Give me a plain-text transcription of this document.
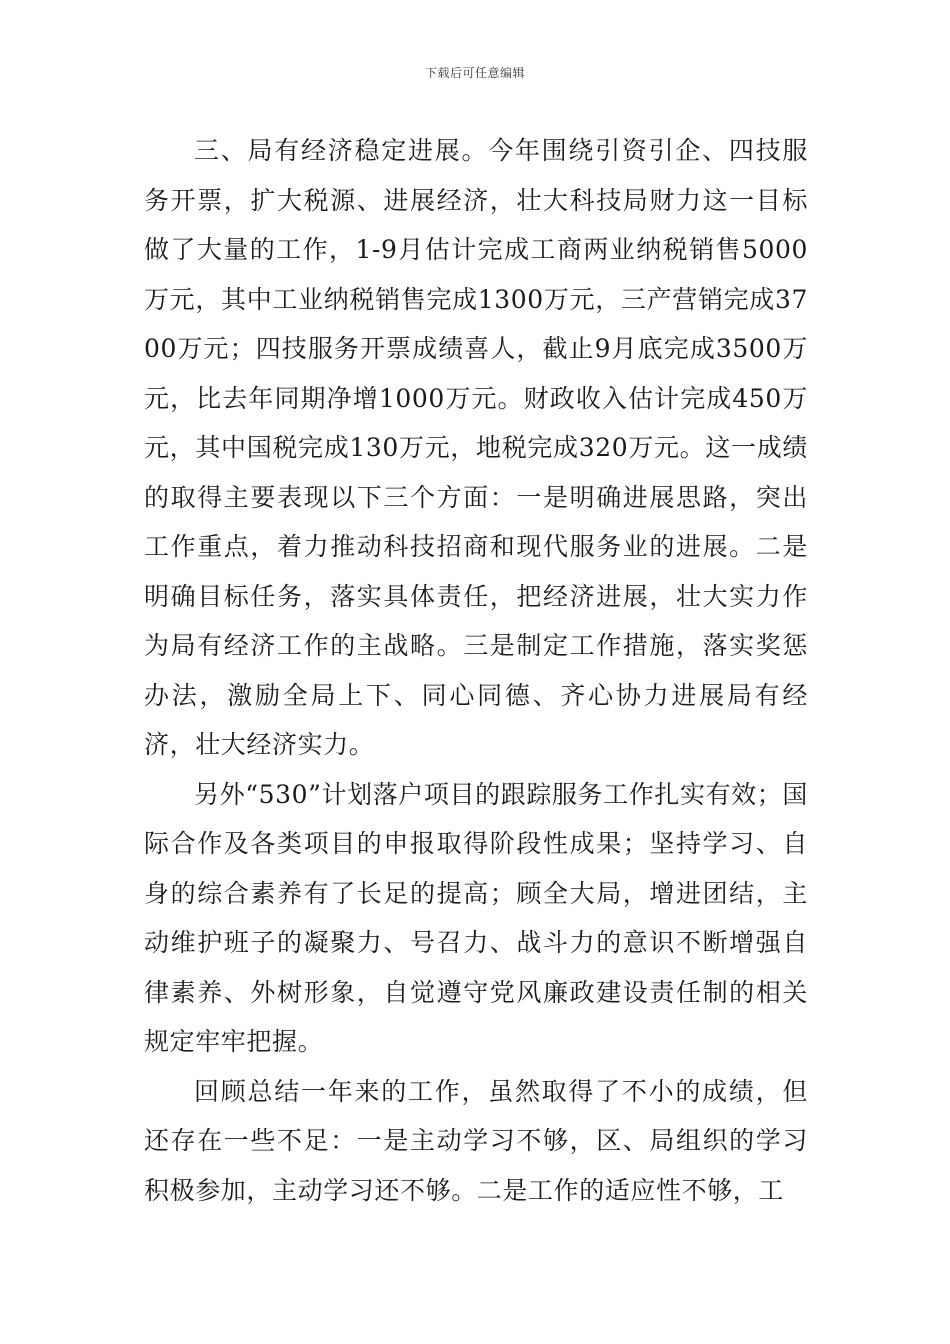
下载后可任意编辑

三、局有经济稳定进展。今年围绕引资引企、四技服务开票，扩大税源、进展经济，壮大科技局财力这一目标做了大量的工作，1-9月估计完成工商两业纳税销售5000万元，其中工业纳税销售完成1300万元，三产营销完成3700万元；四技服务开票成绩喜人，截止9月底完成3500万元，比去年同期净增1000万元。财政收入估计完成450万元，其中国税完成130万元，地税完成320万元。这一成绩的取得主要表现以下三个方面：一是明确进展思路，突出工作重点，着力推动科技招商和现代服务业的进展。二是明确目标任务，落实具体责任，把经济进展，壮大实力作为局有经济工作的主战略。三是制定工作措施，落实奖惩办法，激励全局上下、同心同德、齐心协力进展局有经济，壮大经济实力。

另外“530”计划落户项目的跟踪服务工作扎实有效；国际合作及各类项目的申报取得阶段性成果；坚持学习、自身的综合素养有了长足的提高；顾全大局，增进团结，主动维护班子的凝聚力、号召力、战斗力的意识不断增强自律素养、外树形象，自觉遵守党风廉政建设责任制的相关规定牢牢把握。

回顾总结一年来的工作，虽然取得了不小的成绩，但还存在一些不足：一是主动学习不够，区、局组织的学习积极参加，主动学习还不够。二是工作的适应性不够，工
